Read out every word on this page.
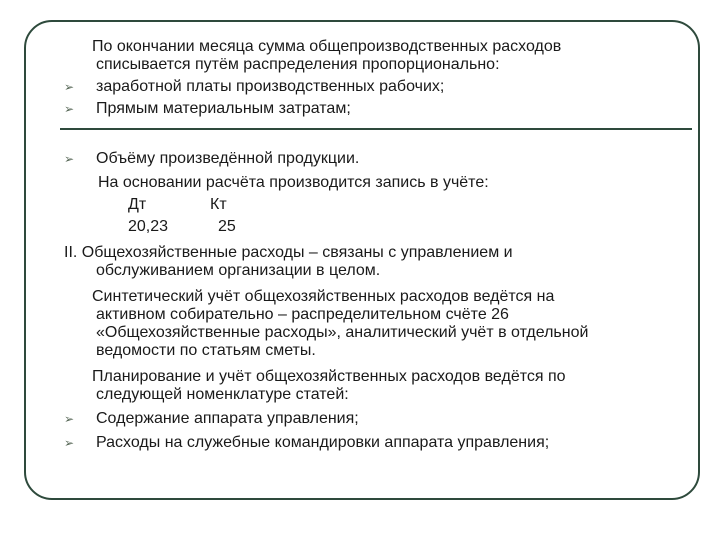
По окончании месяца сумма общепроизводственных расходов
списывается путём распределения пропорционально:
➢ заработной платы производственных рабочих;
➢ Прямым материальным затратам;
➢ Объёму произведённой продукции.
На основании расчёта производится запись в учёте:
Дт	Кт
20,23	25
II. Общехозяйственные расходы – связаны с управлением и
обслуживанием организации в целом.
Синтетический учёт общехозяйственных расходов ведётся на
активном собирательно – распределительном счёте 26
«Общехозяйственные расходы», аналитический учёт в отдельной
ведомости по статьям сметы.
Планирование и учёт общехозяйственных расходов ведётся по
следующей номенклатуре статей:
➢ Содержание аппарата управления;
➢ Расходы на служебные командировки аппарата управления;
